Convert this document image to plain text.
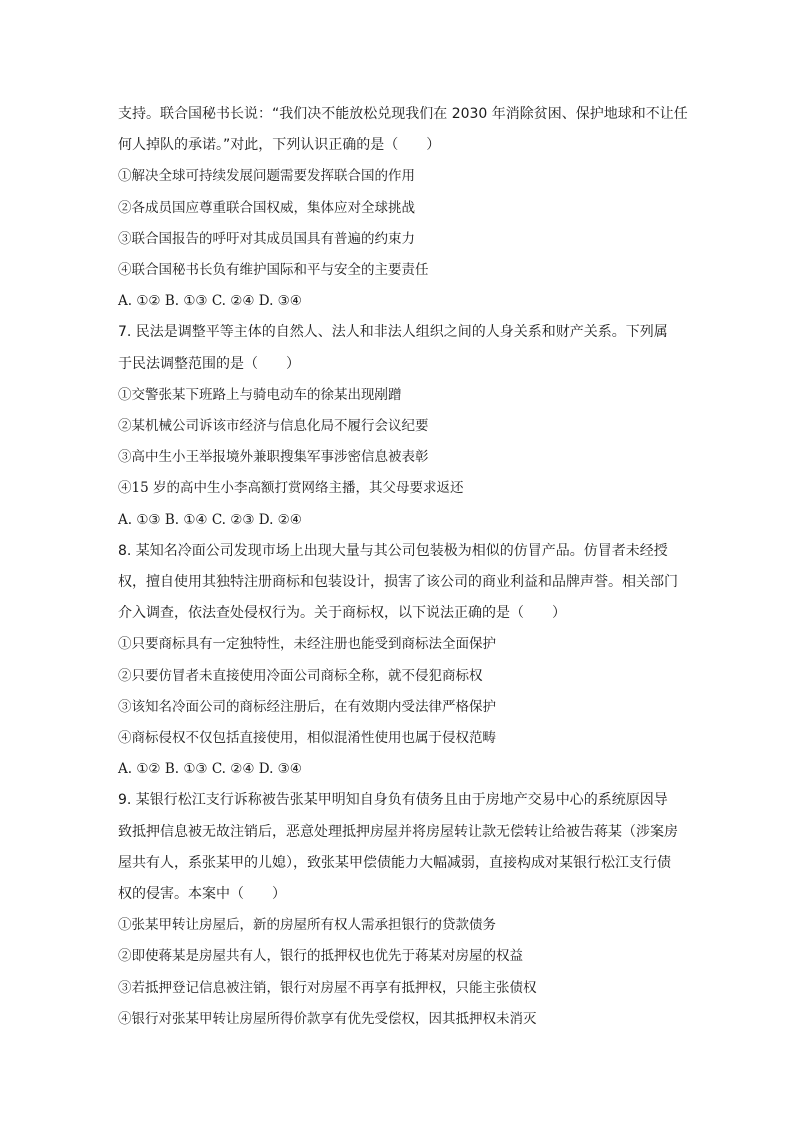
支持。联合国秘书长说：“我们决不能放松兑现我们在 2030 年消除贫困、保护地球和不让任
何人掉队的承诺。”对此，下列认识正确的是（　　）
①解决全球可持续发展问题需要发挥联合国的作用
②各成员国应尊重联合国权威，集体应对全球挑战
③联合国报告的呼吁对其成员国具有普遍的约束力
④联合国秘书长负有维护国际和平与安全的主要责任
A. ①② B. ①③ C. ②④ D. ③④
7. 民法是调整平等主体的自然人、法人和非法人组织之间的人身关系和财产关系。下列属
于民法调整范围的是（　　）
①交警张某下班路上与骑电动车的徐某出现剐蹭
②某机械公司诉该市经济与信息化局不履行会议纪要
③高中生小王举报境外兼职搜集军事涉密信息被表彰
④15 岁的高中生小李高额打赏网络主播，其父母要求返还
A. ①③ B. ①④ C. ②③ D. ②④
8. 某知名冷面公司发现市场上出现大量与其公司包装极为相似的仿冒产品。仿冒者未经授
权，擅自使用其独特注册商标和包装设计，损害了该公司的商业利益和品牌声誉。相关部门
介入调查，依法查处侵权行为。关于商标权，以下说法正确的是（　　）
①只要商标具有一定独特性，未经注册也能受到商标法全面保护
②只要仿冒者未直接使用冷面公司商标全称，就不侵犯商标权
③该知名冷面公司的商标经注册后，在有效期内受法律严格保护
④商标侵权不仅包括直接使用，相似混淆性使用也属于侵权范畴
A. ①② B. ①③ C. ②④ D. ③④
9. 某银行松江支行诉称被告张某甲明知自身负有债务且由于房地产交易中心的系统原因导
致抵押信息被无故注销后，恶意处理抵押房屋并将房屋转让款无偿转让给被告蒋某（涉案房
屋共有人，系张某甲的儿媳），致张某甲偿债能力大幅减弱，直接构成对某银行松江支行债
权的侵害。本案中（　　）
①张某甲转让房屋后，新的房屋所有权人需承担银行的贷款债务
②即使蒋某是房屋共有人，银行的抵押权也优先于蒋某对房屋的权益
③若抵押登记信息被注销，银行对房屋不再享有抵押权，只能主张债权
④银行对张某甲转让房屋所得价款享有优先受偿权，因其抵押权未消灭
